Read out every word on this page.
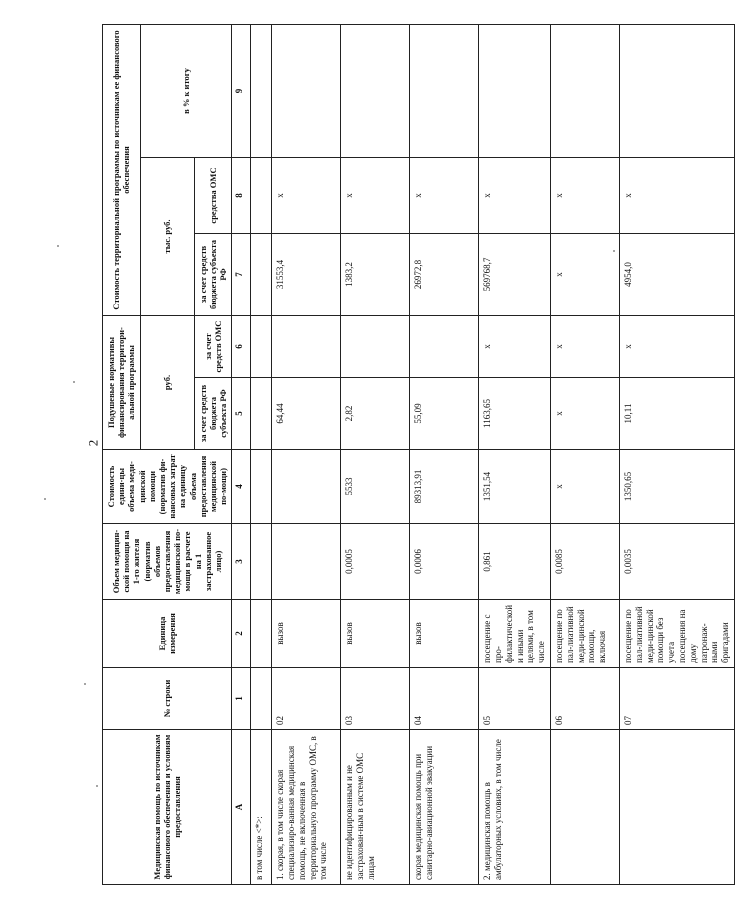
2
Медицинская помощь по источникам финансового обеспечения и условиям предоставления	№ строки	Единица измерения	Объем медицин-ской помощи на 1-го жителя (норматив объемов предоставления медицинской по-мощи в расчете на 1 застрахованное лицо)	Стоимость едини-цы объема меди-цинской помощи (норматив фи-нансовых затрат на единицу объема предоставления медицинской по-мощи)	Подушевые нормативы финансирования территори-альной программы		Стоимость территориальной программы по источникам ее финансового обеспечения		
					руб.		тыс. руб.		в % к итогу
					за счет средств бюджета субъекта РФ	за счет средств ОМС	за счет средств бюджета субъекта РФ	средства ОМС	
А	1	2	3	4	5	6	7	8	9
в том числе <*>:									
1. скорая, в том числе скорая специализиро-ванная медицинская помощь, не включенная в территориальную программу ОМС, в том числе	02	вызов			64,44		31553,4	х	
не идентифицированным и не застрахован-ным в системе ОМС лицам	03	вызов	0,0005	5533	2,82		1383,2	х	
скорая медицинская помощь при санитарно-авиационной эвакуации	04	вызов	0,0006	89313,91	55,09		26972,8	х	
2. медицинская помощь в амбулаторных условиях, в том числе	05	посещение с про-филактической и иными целями, в том числе	0,861	1351,54	1163,65	х	569768,7	х	
	06	посещение по пал-лиативной меди-цинской помощи, включая	0,0085	х	х	х	х	х	
	07	посещение по пал-лиативной меди-цинской помощи без учета посещения на дому патронаж-ными бригадами	0,0035	1350,65	10,11	х	4954,0	х	
